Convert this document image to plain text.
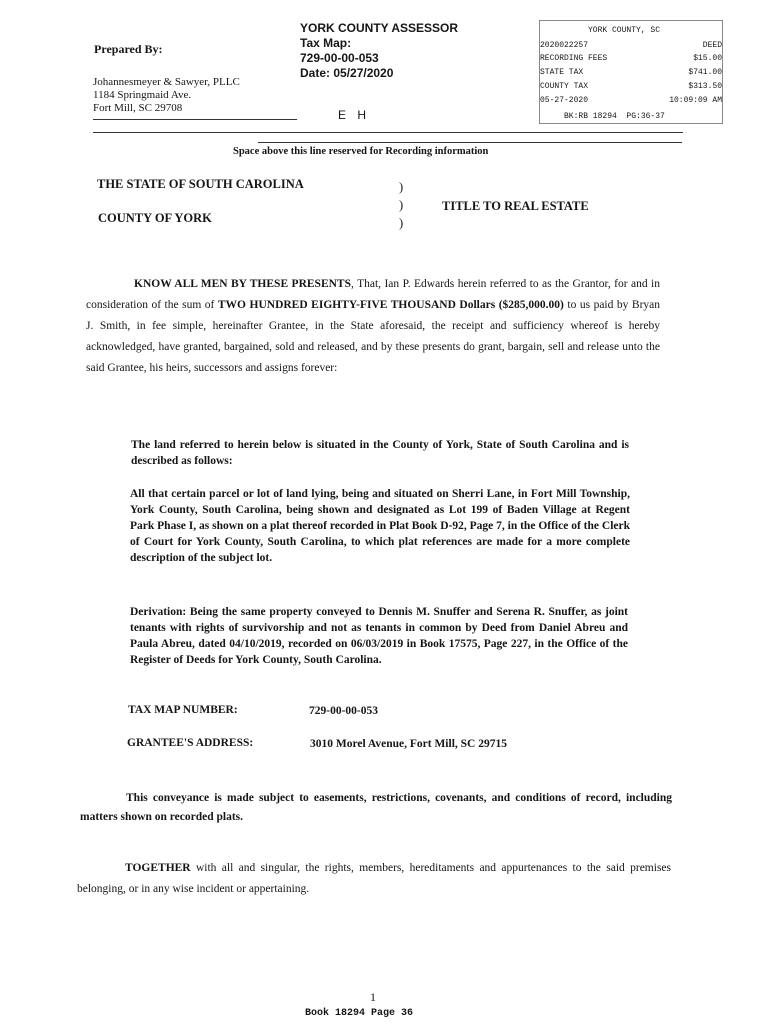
Prepared By:
Johannesmeyer & Sawyer, PLLC
1184 Springmaid Ave.
Fort Mill, SC 29708
YORK COUNTY ASSESSOR
Tax Map:
729-00-00-053
Date: 05/27/2020
E H
YORK COUNTY, SC
2020022257	DEED
RECORDING FEES	$15.00
STATE TAX	$741.00
COUNTY TAX	$313.50
05-27-2020	10:09:09 AM
BK:RB 18294 PG:36-37
Space above this line reserved for Recording information
THE STATE OF SOUTH CAROLINA
COUNTY OF YORK
TITLE TO REAL ESTATE
)
)
)
KNOW ALL MEN BY THESE PRESENTS, That, Ian P. Edwards herein referred to as the Grantor, for and in consideration of the sum of TWO HUNDRED EIGHTY-FIVE THOUSAND Dollars ($285,000.00) to us paid by Bryan J. Smith, in fee simple, hereinafter Grantee, in the State aforesaid, the receipt and sufficiency whereof is hereby acknowledged, have granted, bargained, sold and released, and by these presents do grant, bargain, sell and release unto the said Grantee, his heirs, successors and assigns forever:
The land referred to herein below is situated in the County of York, State of South Carolina and is described as follows:
All that certain parcel or lot of land lying, being and situated on Sherri Lane, in Fort Mill Township, York County, South Carolina, being shown and designated as Lot 199 of Baden Village at Regent Park Phase I, as shown on a plat thereof recorded in Plat Book D-92, Page 7, in the Office of the Clerk of Court for York County, South Carolina, to which plat references are made for a more complete description of the subject lot.
Derivation: Being the same property conveyed to Dennis M. Snuffer and Serena R. Snuffer, as joint tenants with rights of survivorship and not as tenants in common by Deed from Daniel Abreu and Paula Abreu, dated 04/10/2019, recorded on 06/03/2019 in Book 17575, Page 227, in the Office of the Register of Deeds for York County, South Carolina.
TAX MAP NUMBER:	729-00-00-053
GRANTEE'S ADDRESS:	3010 Morel Avenue, Fort Mill, SC 29715
This conveyance is made subject to easements, restrictions, covenants, and conditions of record, including matters shown on recorded plats.
TOGETHER with all and singular, the rights, members, hereditaments and appurtenances to the said premises belonging, or in any wise incident or appertaining.
1
Book 18294 Page 36
